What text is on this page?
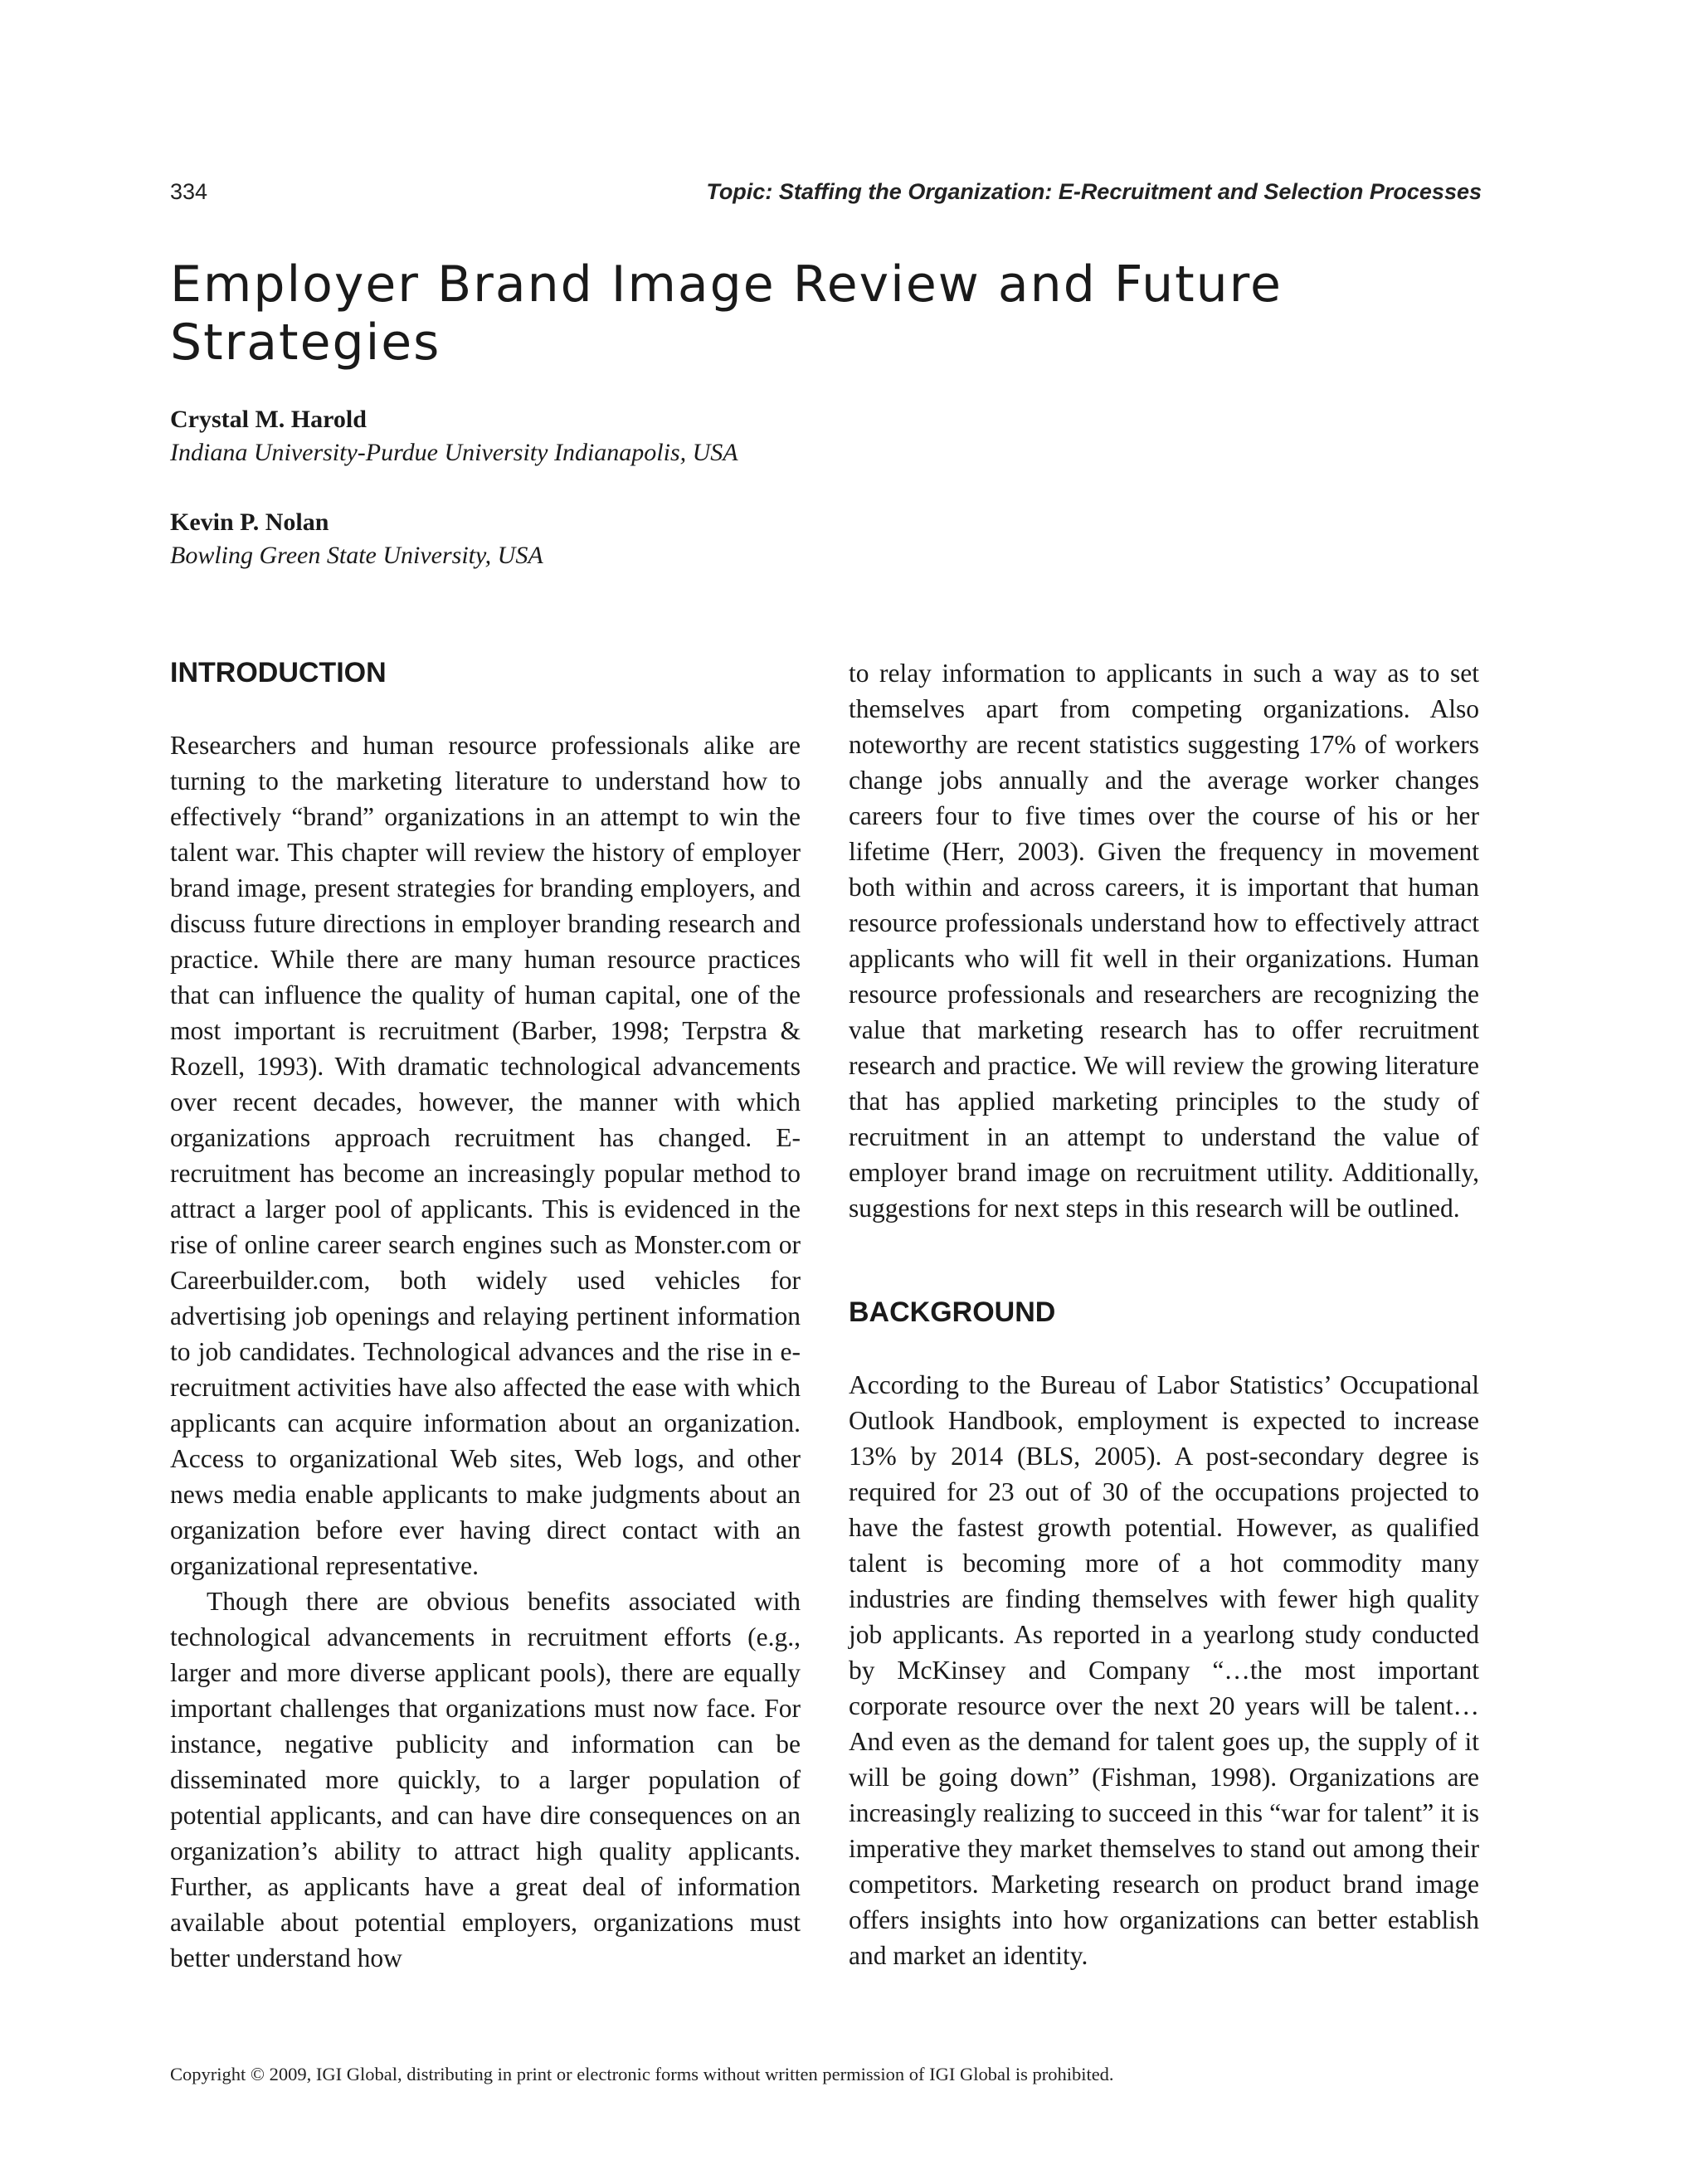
334	Topic: Staffing the Organization: E-Recruitment and Selection Processes
Employer Brand Image Review and Future Strategies
Crystal M. Harold
Indiana University-Purdue University Indianapolis, USA
Kevin P. Nolan
Bowling Green State University, USA
INTRODUCTION

Researchers and human resource professionals alike are turning to the marketing literature to understand how to effectively “brand” organizations in an attempt to win the talent war. This chapter will review the history of employer brand image, present strategies for branding employers, and discuss future directions in employer branding research and practice. While there are many human resource practices that can influence the quality of human capital, one of the most important is recruitment (Barber, 1998; Terpstra & Rozell, 1993). With dramatic technological advancements over recent decades, however, the manner with which organizations approach recruitment has changed. E-recruitment has become an increasingly popular method to attract a larger pool of applicants. This is evidenced in the rise of online career search engines such as Monster.com or Careerbuilder.com, both widely used vehicles for advertising job openings and relaying pertinent information to job candidates. Technological advances and the rise in e-recruitment activities have also affected the ease with which applicants can acquire information about an organization. Access to organizational Web sites, Web logs, and other news media enable applicants to make judgments about an organization before ever having direct contact with an organizational representative.

Though there are obvious benefits associated with technological advancements in recruitment efforts (e.g., larger and more diverse applicant pools), there are equally important challenges that organizations must now face. For instance, negative publicity and information can be disseminated more quickly, to a larger population of potential applicants, and can have dire consequences on an organization’s ability to attract high quality applicants. Further, as applicants have a great deal of information available about potential employers, organizations must better understand how

to relay information to applicants in such a way as to set themselves apart from competing organizations. Also noteworthy are recent statistics suggesting 17% of workers change jobs annually and the average worker changes careers four to five times over the course of his or her lifetime (Herr, 2003). Given the frequency in movement both within and across careers, it is important that human resource professionals understand how to effectively attract applicants who will fit well in their organizations. Human resource professionals and researchers are recognizing the value that marketing research has to offer recruitment research and practice. We will review the growing literature that has applied marketing principles to the study of recruitment in an attempt to understand the value of employer brand image on recruitment utility. Additionally, suggestions for next steps in this research will be outlined.

BACKGROUND

According to the Bureau of Labor Statistics’ Occupational Outlook Handbook, employment is expected to increase 13% by 2014 (BLS, 2005). A post-secondary degree is required for 23 out of 30 of the occupations projected to have the fastest growth potential. However, as qualified talent is becoming more of a hot commodity many industries are finding themselves with fewer high quality job applicants. As reported in a yearlong study conducted by McKinsey and Company “…the most important corporate resource over the next 20 years will be talent…And even as the demand for talent goes up, the supply of it will be going down” (Fishman, 1998). Organizations are increasingly realizing to succeed in this “war for talent” it is imperative they market themselves to stand out among their competitors. Marketing research on product brand image offers insights into how organizations can better establish and market an identity.

Copyright © 2009, IGI Global, distributing in print or electronic forms without written permission of IGI Global is prohibited.
